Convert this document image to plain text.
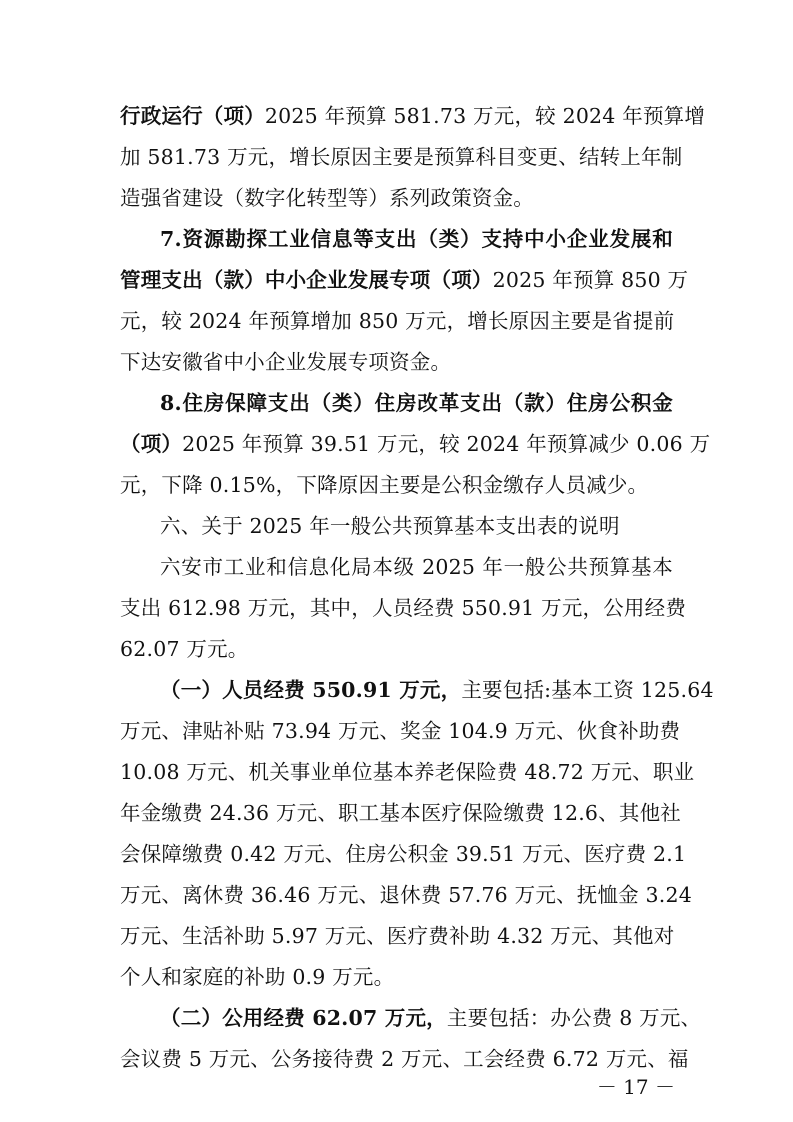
行政运行（项）2025 年预算 581.73 万元，较 2024 年预算增
加 581.73 万元，增长原因主要是预算科目变更、结转上年制
造强省建设（数字化转型等）系列政策资金。
7.资源勘探工业信息等支出（类）支持中小企业发展和
管理支出（款）中小企业发展专项（项）2025 年预算 850 万
元，较 2024 年预算增加 850 万元，增长原因主要是省提前
下达安徽省中小企业发展专项资金。
8.住房保障支出（类）住房改革支出（款）住房公积金
（项）2025 年预算 39.51 万元，较 2024 年预算减少 0.06 万
元，下降 0.15%，下降原因主要是公积金缴存人员减少。
六、关于 2025 年一般公共预算基本支出表的说明
六安市工业和信息化局本级 2025 年一般公共预算基本
支出 612.98 万元，其中，人员经费 550.91 万元，公用经费
62.07 万元。
（一）人员经费 550.91 万元，主要包括:基本工资 125.64
万元、津贴补贴 73.94 万元、奖金 104.9 万元、伙食补助费
10.08 万元、机关事业单位基本养老保险费 48.72 万元、职业
年金缴费 24.36 万元、职工基本医疗保险缴费 12.6、其他社
会保障缴费 0.42 万元、住房公积金 39.51 万元、医疗费 2.1
万元、离休费 36.46 万元、退休费 57.76 万元、抚恤金 3.24
万元、生活补助 5.97 万元、医疗费补助 4.32 万元、其他对
个人和家庭的补助 0.9 万元。
（二）公用经费 62.07 万元，主要包括：办公费 8 万元、
会议费 5 万元、公务接待费 2 万元、工会经费 6.72 万元、福
－ 17 －
